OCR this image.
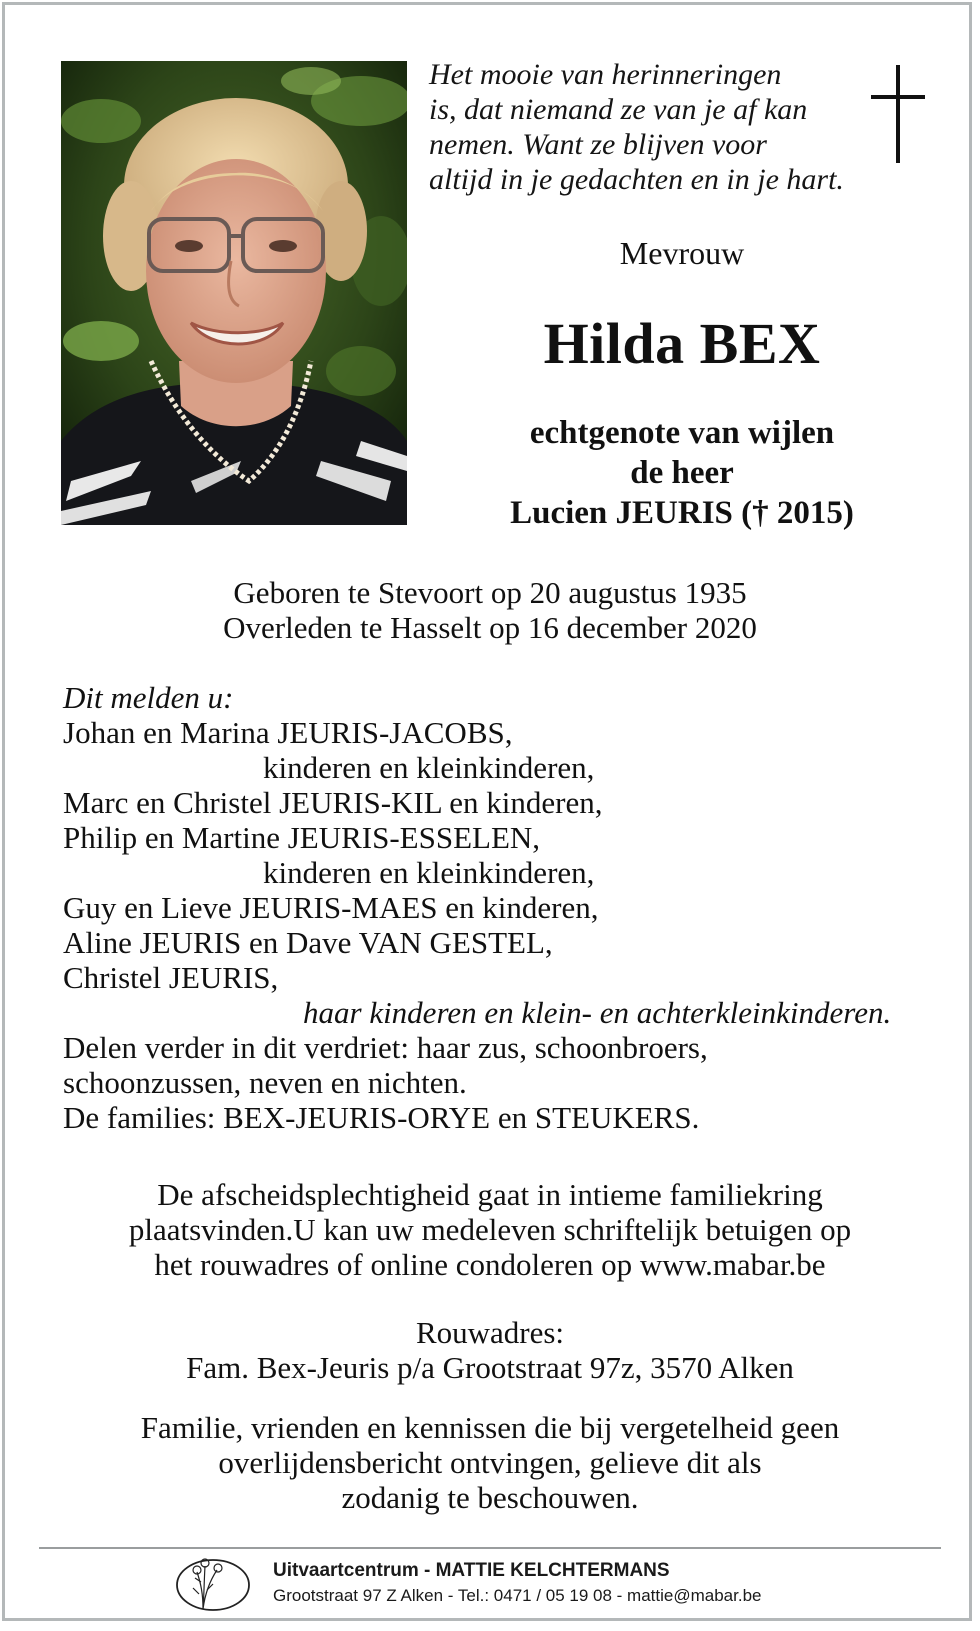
Het mooie van herinneringen
is, dat niemand ze van je af kan
nemen. Want ze blijven voor
altijd in je gedachten en in je hart.
Mevrouw
Hilda BEX
echtgenote van wijlen
de heer
Lucien JEURIS († 2015)
Geboren te Stevoort op 20 augustus 1935
Overleden te Hasselt op 16 december 2020
Dit melden u:
Johan en Marina JEURIS-JACOBS,
kinderen en kleinkinderen,
Marc en Christel JEURIS-KIL en kinderen,
Philip en Martine JEURIS-ESSELEN,
kinderen en kleinkinderen,
Guy en Lieve JEURIS-MAES en kinderen,
Aline JEURIS en Dave VAN GESTEL,
Christel JEURIS,
haar kinderen en klein- en achterkleinkinderen.
Delen verder in dit verdriet: haar zus, schoonbroers,
schoonzussen, neven en nichten.
De families: BEX-JEURIS-ORYE en STEUKERS.
De afscheidsplechtigheid gaat in intieme familiekring
plaatsvinden.U kan uw medeleven schriftelijk betuigen op
het rouwadres of online condoleren op www.mabar.be
Rouwadres:
Fam. Bex-Jeuris p/a Grootstraat 97z, 3570 Alken
Familie, vrienden en kennissen die bij vergetelheid geen
overlijdensbericht ontvingen, gelieve dit als
zodanig te beschouwen.
Uitvaartcentrum - MATTIE KELCHTERMANS
Grootstraat 97 Z Alken - Tel.: 0471 / 05 19 08 - mattie@mabar.be
